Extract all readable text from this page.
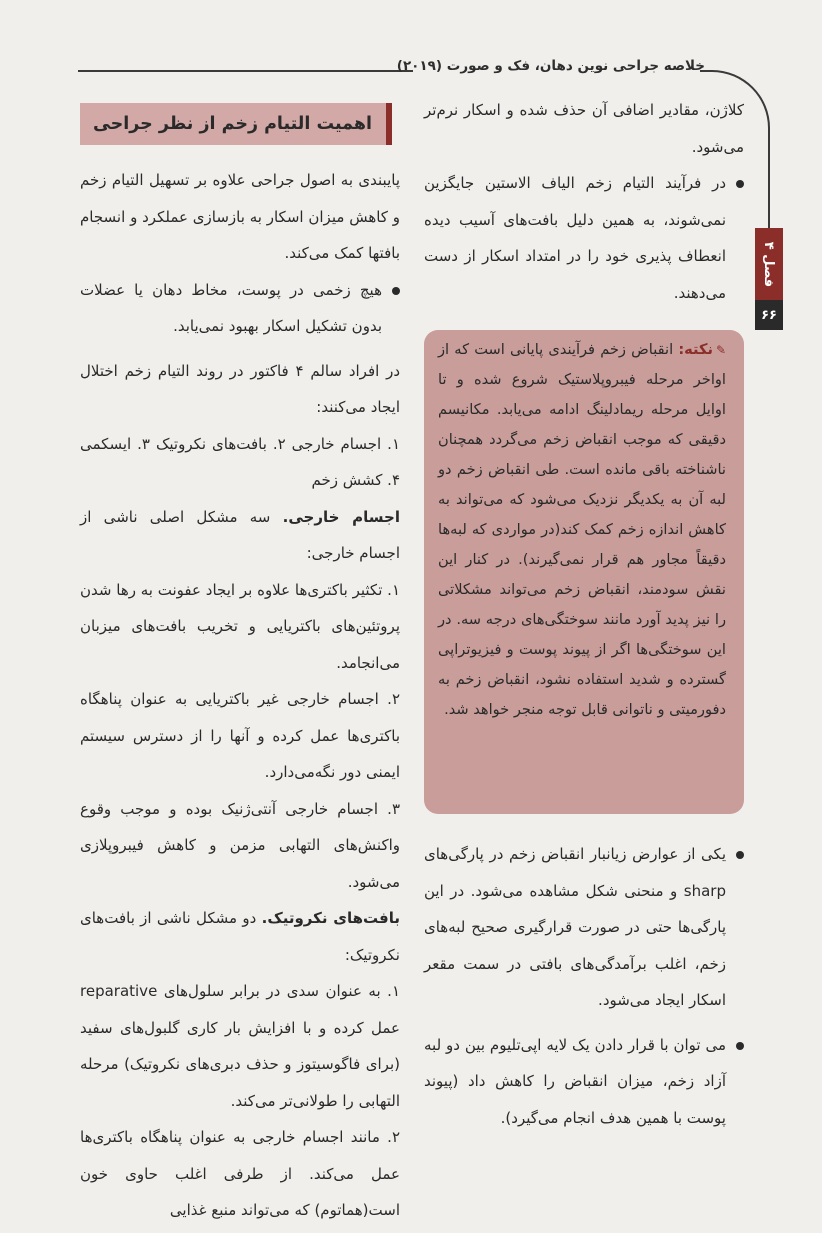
خلاصه جراحی نوین دهان، فک و صورت (۲۰۱۹)
فصل ۴
۶۶

کلاژن، مقادیر اضافی آن حذف شده و اسکار نرم‌تر می‌شود.

در فرآیند التیام زخم الیاف الاستین جایگزین نمی‌شوند، به همین دلیل بافت‌های آسیب دیده انعطاف پذیری خود را در امتداد اسکار از دست می‌دهند.

✎نکته: انقباض زخم فرآیندی پایانی است که از اواخر مرحله فیبروپلاستیک شروع شده و تا اوایل مرحله ریمادلینگ ادامه می‌یابد. مکانیسم دقیقی که موجب انقباض زخم می‌گردد همچنان ناشناخته باقی مانده است. طی انقباض زخم دو لبه آن به یکدیگر نزدیک می‌شود که می‌تواند به کاهش اندازه زخم کمک کند(در مواردی که لبه‌ها دقیقاً مجاور هم قرار نمی‌گیرند). در کنار این نقش سودمند، انقباض زخم می‌تواند مشکلاتی را نیز پدید آورد مانند سوختگی‌های درجه سه. در این سوختگی‌ها اگر از پیوند پوست و فیزیوتراپی گسترده و شدید استفاده نشود، انقباض زخم به دفورمیتی و ناتوانی قابل توجه منجر خواهد شد.

یکی از عوارض زیانبار انقباض زخم در پارگی‌های sharp و منحنی شکل مشاهده می‌شود. در این پارگی‌ها حتی در صورت قرارگیری صحیح لبه‌های زخم، اغلب برآمدگی‌های بافتی در سمت مقعر اسکار ایجاد می‌شود.

می توان با قرار دادن یک لایه اپی‌تلیوم بین دو لبه آزاد زخم، میزان انقباض را کاهش داد (پیوند پوست با همین هدف انجام می‌گیرد).

اهمیت التیام زخم از نظر جراحی

پایبندی به اصول جراحی علاوه بر تسهیل التیام زخم و کاهش میزان اسکار به بازسازی عملکرد و انسجام بافتها کمک می‌کند.

هیچ زخمی در پوست، مخاط دهان یا عضلات بدون تشکیل اسکار بهبود نمی‌یابد.

در افراد سالم ۴ فاکتور در روند التیام زخم اختلال ایجاد می‌کنند:

۱. اجسام خارجی ۲. بافت‌های نکروتیک ۳. ایسکمی ۴. کشش زخم

اجسام خارجی. سه مشکل اصلی ناشی از اجسام خارجی:

۱. تکثیر باکتری‌ها علاوه بر ایجاد عفونت به رها شدن پروتئین‌های باکتریایی و تخریب بافت‌های میزبان می‌انجامد.

۲. اجسام خارجی غیر باکتریایی به عنوان پناهگاه باکتری‌ها عمل کرده و آنها را از دسترس سیستم ایمنی دور نگه‌می‌دارد.

۳. اجسام خارجی آنتی‌ژنیک بوده و موجب وقوع واکنش‌های التهابی مزمن و کاهش فیبروپلازی می‌شود.

بافت‌های نکروتیک. دو مشکل ناشی از بافت‌های نکروتیک:

۱. به عنوان سدی در برابر سلول‌های reparative عمل کرده و با افزایش بار کاری گلبول‌های سفید (برای فاگوسیتوز و حذف دبری‌های نکروتیک) مرحله التهابی را طولانی‌تر می‌کند.

۲. مانند اجسام خارجی به عنوان پناهگاه باکتری‌ها عمل می‌کند. از طرفی اغلب حاوی خون است(هماتوم) که می‌تواند منبع غذایی
